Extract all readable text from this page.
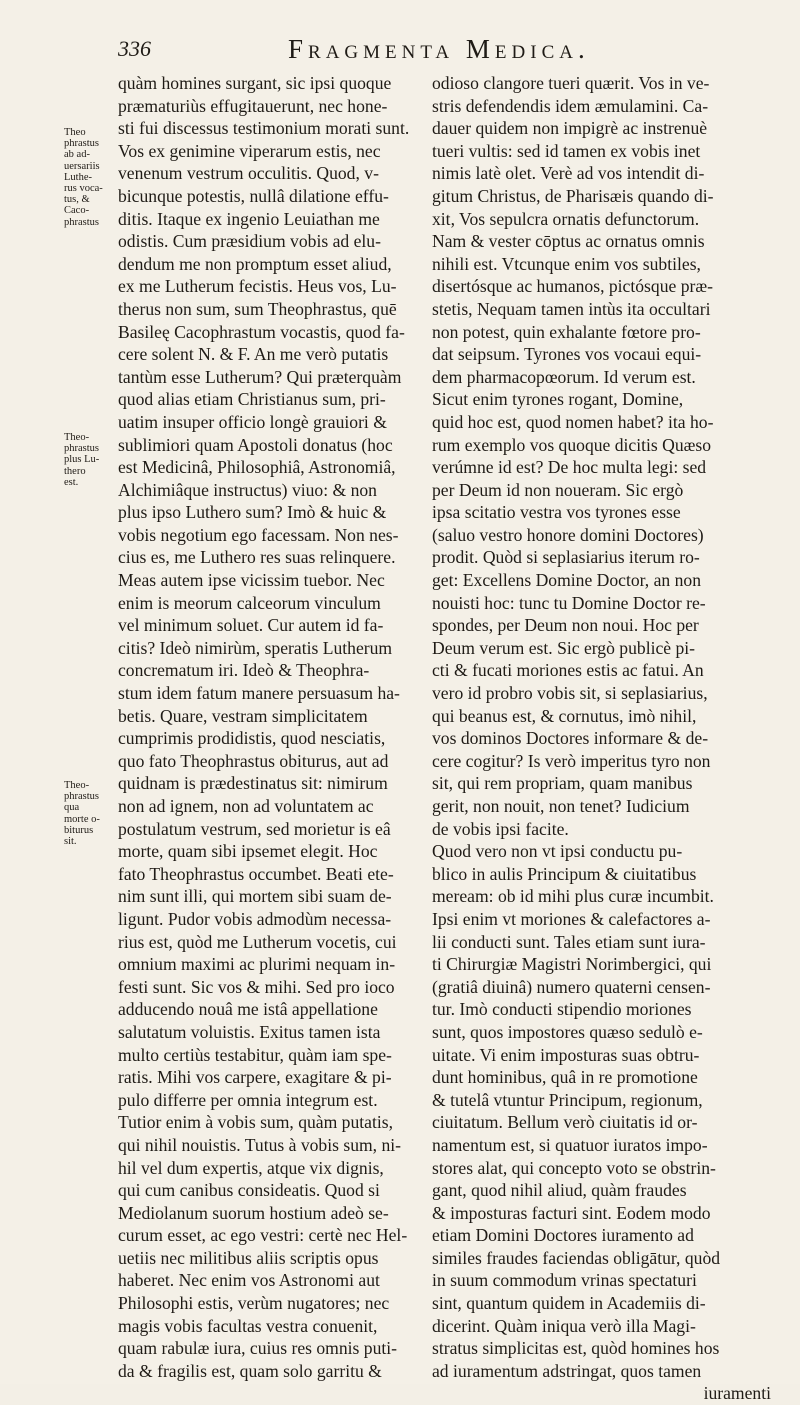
336	Fragmenta Medica.
Theo
phrastus
ab ad-
uersariis
Luthe-
rus voca-
tus, &
Caco-
phrastus
Theo-
phrastus
plus Lu-
thero
est.
Theo-
phrastus
qua
morte o-
biturus
sit.
quàm homines surgant, sic ipsi quoque
præmaturiùs effugitauerunt, nec hone-
sti fui discessus testimonium morati sunt.
Vos ex genimine viperarum estis, nec
venenum vestrum occulitis. Quod, v-
bicunque potestis, nullâ dilatione effu-
ditis. Itaque ex ingenio Leuiathan me
odistis. Cum præsidium vobis ad elu-
dendum me non promptum esset aliud,
ex me Lutherum fecistis. Heus vos, Lu-
therus non sum, sum Theophrastus, quē
Basileę Cacophrastum vocastis, quod fa-
cere solent N. & F. An me verò putatis
tantùm esse Lutherum? Qui præterquàm
quod alias etiam Christianus sum, pri-
uatim insuper officio longè grauiori &
sublimiori quam Apostoli donatus (hoc
est Medicinâ, Philosophiâ, Astronomiâ,
Alchimiâque instructus) viuo: & non
plus ipso Luthero sum? Imò & huic &
vobis negotium ego facessam. Non nes-
cius es, me Luthero res suas relinquere.
Meas autem ipse vicissim tuebor. Nec
enim is meorum calceorum vinculum
vel minimum soluet. Cur autem id fa-
citis? Ideò nimirùm, speratis Lutherum
concrematum iri. Ideò & Theophra-
stum idem fatum manere persuasum ha-
betis. Quare, vestram simplicitatem
cumprimis prodidistis, quod nesciatis,
quo fato Theophrastus obiturus, aut ad
quidnam is prædestinatus sit: nimirum
non ad ignem, non ad voluntatem ac
postulatum vestrum, sed morietur is eâ
morte, quam sibi ipsemet elegit. Hoc
fato Theophrastus occumbet. Beati ete-
nim sunt illi, qui mortem sibi suam de-
ligunt. Pudor vobis admodùm necessa-
rius est, quòd me Lutherum vocetis, cui
omnium maximi ac plurimi nequam in-
festi sunt. Sic vos & mihi. Sed pro ioco
adducendo nouâ me istâ appellatione
salutatum voluistis. Exitus tamen ista
multo certiùs testabitur, quàm iam spe-
ratis. Mihi vos carpere, exagitare & pi-
pulo differre per omnia integrum est.
Tutior enim à vobis sum, quàm putatis,
qui nihil nouistis. Tutus à vobis sum, ni-
hil vel dum expertis, atque vix dignis,
qui cum canibus consideatis. Quod si
Mediolanum suorum hostium adeò se-
curum esset, ac ego vestri: certè nec Hel-
uetiis nec militibus aliis scriptis opus
haberet. Nec enim vos Astronomi aut
Philosophi estis, verùm nugatores; nec
magis vobis facultas vestra conuenit,
quam rabulæ iura, cuius res omnis puti-
da & fragilis est, quam solo garritu &
odioso clangore tueri quærit. Vos in ve-
stris defendendis idem æmulamini. Ca-
dauer quidem non impigrè ac instrenuè
tueri vultis: sed id tamen ex vobis inet
nimis latè olet. Verè ad vos intendit di-
gitum Christus, de Pharisæis quando di-
xit, Vos sepulcra ornatis defunctorum.
Nam & vester cōptus ac ornatus omnis
nihili est. Vtcunque enim vos subtiles,
disertósque ac humanos, pictósque præ-
stetis, Nequam tamen intùs ita occultari
non potest, quin exhalante fœtore pro-
dat seipsum. Tyrones vos vocaui equi-
dem pharmacopœorum. Id verum est.
Sicut enim tyrones rogant, Domine,
quid hoc est, quod nomen habet? ita ho-
rum exemplo vos quoque dicitis Quæso
verúmne id est? De hoc multa legi: sed
per Deum id non noueram. Sic ergò
ipsa scitatio vestra vos tyrones esse
(saluo vestro honore domini Doctores)
prodit. Quòd si seplasiarius iterum ro-
get: Excellens Domine Doctor, an non
nouisti hoc: tunc tu Domine Doctor re-
spondes, per Deum non noui. Hoc per
Deum verum est. Sic ergò publicè pi-
cti & fucati moriones estis ac fatui. An
vero id probro vobis sit, si seplasiarius,
qui beanus est, & cornutus, imò nihil,
vos dominos Doctores informare & de-
cere cogitur? Is verò imperitus tyro non
sit, qui rem propriam, quam manibus
gerit, non nouit, non tenet? Iudicium
de vobis ipsi facite.
Quod vero non vt ipsi conductu pu-
blico in aulis Principum & ciuitatibus
meream: ob id mihi plus curæ incumbit.
Ipsi enim vt moriones & calefactores a-
lii conducti sunt. Tales etiam sunt iura-
ti Chirurgiæ Magistri Norimbergici, qui
(gratiâ diuinâ) numero quaterni censen-
tur. Imò conducti stipendio moriones
sunt, quos impostores quæso sedulò e-
uitate. Vi enim imposturas suas obtru-
dunt hominibus, quâ in re promotione
& tutelâ vtuntur Principum, regionum,
ciuitatum. Bellum verò ciuitatis id or-
namentum est, si quatuor iuratos impo-
stores alat, qui concepto voto se obstrin-
gant, quod nihil aliud, quàm fraudes
& imposturas facturi sint. Eodem modo
etiam Domini Doctores iuramento ad
similes fraudes faciendas obligātur, quòd
in suum commodum vrinas spectaturi
sint, quantum quidem in Academiis di-
dicerint. Quàm iniqua verò illa Magi-
stratus simplicitas est, quòd homines hos
ad iuramentum adstringat, quos tamen
iuramenti
